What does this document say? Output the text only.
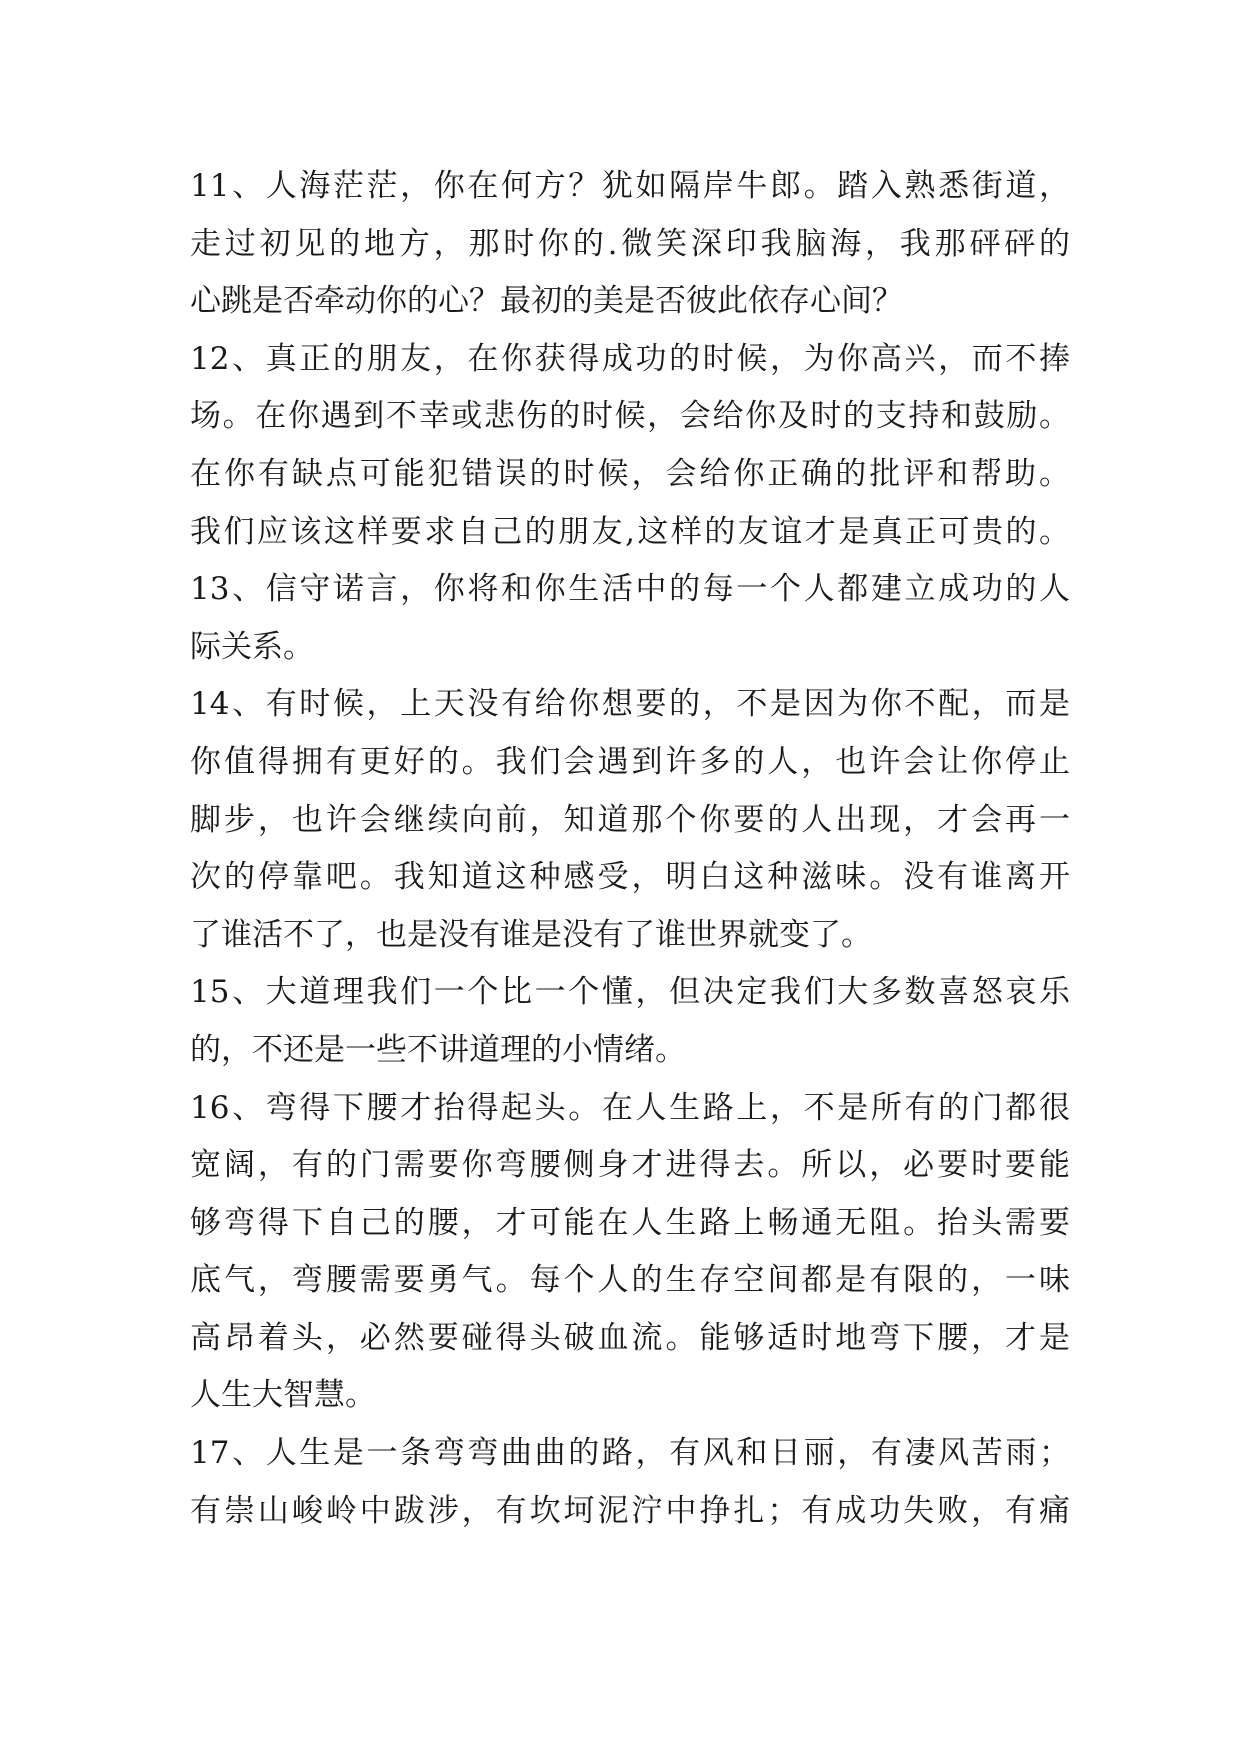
11、人海茫茫，你在何方？犹如隔岸牛郎。踏入熟悉街道，
走过初见的地方，那时你的.微笑深印我脑海，我那砰砰的
心跳是否牵动你的心？最初的美是否彼此依存心间？
12、真正的朋友，在你获得成功的时候，为你高兴，而不捧
场。在你遇到不幸或悲伤的时候，会给你及时的支持和鼓励。
在你有缺点可能犯错误的时候，会给你正确的批评和帮助。
我们应该这样要求自己的朋友,这样的友谊才是真正可贵的。
13、信守诺言，你将和你生活中的每一个人都建立成功的人
际关系。
14、有时候，上天没有给你想要的，不是因为你不配，而是
你值得拥有更好的。我们会遇到许多的人，也许会让你停止
脚步，也许会继续向前，知道那个你要的人出现，才会再一
次的停靠吧。我知道这种感受，明白这种滋味。没有谁离开
了谁活不了，也是没有谁是没有了谁世界就变了。
15、大道理我们一个比一个懂，但决定我们大多数喜怒哀乐
的，不还是一些不讲道理的小情绪。
16、弯得下腰才抬得起头。在人生路上，不是所有的门都很
宽阔，有的门需要你弯腰侧身才进得去。所以，必要时要能
够弯得下自己的腰，才可能在人生路上畅通无阻。抬头需要
底气，弯腰需要勇气。每个人的生存空间都是有限的，一味
高昂着头，必然要碰得头破血流。能够适时地弯下腰，才是
人生大智慧。
17、人生是一条弯弯曲曲的路，有风和日丽，有凄风苦雨；
有崇山峻岭中跋涉，有坎坷泥泞中挣扎；有成功失败，有痛
